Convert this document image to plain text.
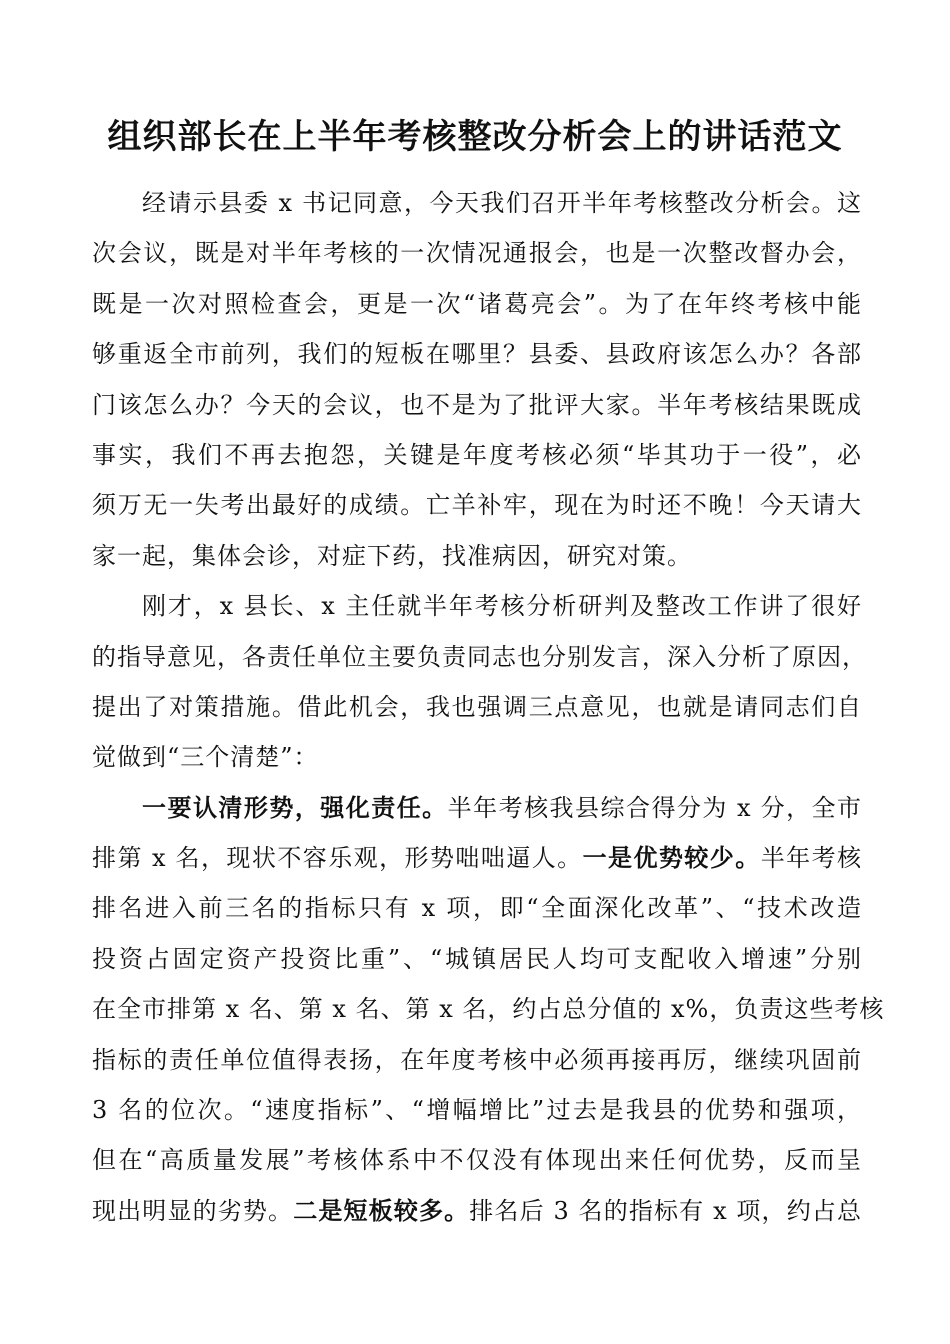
组织部长在上半年考核整改分析会上的讲话范文
经请示县委 x 书记同意，今天我们召开半年考核整改分析会。这
次会议，既是对半年考核的一次情况通报会，也是一次整改督办会，
既是一次对照检查会，更是一次“诸葛亮会”。为了在年终考核中能
够重返全市前列，我们的短板在哪里？县委、县政府该怎么办？各部
门该怎么办？今天的会议，也不是为了批评大家。半年考核结果既成
事实，我们不再去抱怨，关键是年度考核必须“毕其功于一役”，必
须万无一失考出最好的成绩。亡羊补牢，现在为时还不晚！今天请大
家一起，集体会诊，对症下药，找准病因，研究对策。
刚才，x 县长、x 主任就半年考核分析研判及整改工作讲了很好
的指导意见，各责任单位主要负责同志也分别发言，深入分析了原因，
提出了对策措施。借此机会，我也强调三点意见，也就是请同志们自
觉做到“三个清楚”：
一要认清形势，强化责任。半年考核我县综合得分为 x 分，全市
排第 x 名，现状不容乐观，形势咄咄逼人。一是优势较少。半年考核
排名进入前三名的指标只有 x 项，即“全面深化改革”、“技术改造
投资占固定资产投资比重”、“城镇居民人均可支配收入增速”分别
在全市排第 x 名、第 x 名、第 x 名，约占总分值的 x%，负责这些考核
指标的责任单位值得表扬，在年度考核中必须再接再厉，继续巩固前
3 名的位次。“速度指标”、“增幅增比”过去是我县的优势和强项，
但在“高质量发展”考核体系中不仅没有体现出来任何优势，反而呈
现出明显的劣势。二是短板较多。排名后 3 名的指标有 x 项，约占总
